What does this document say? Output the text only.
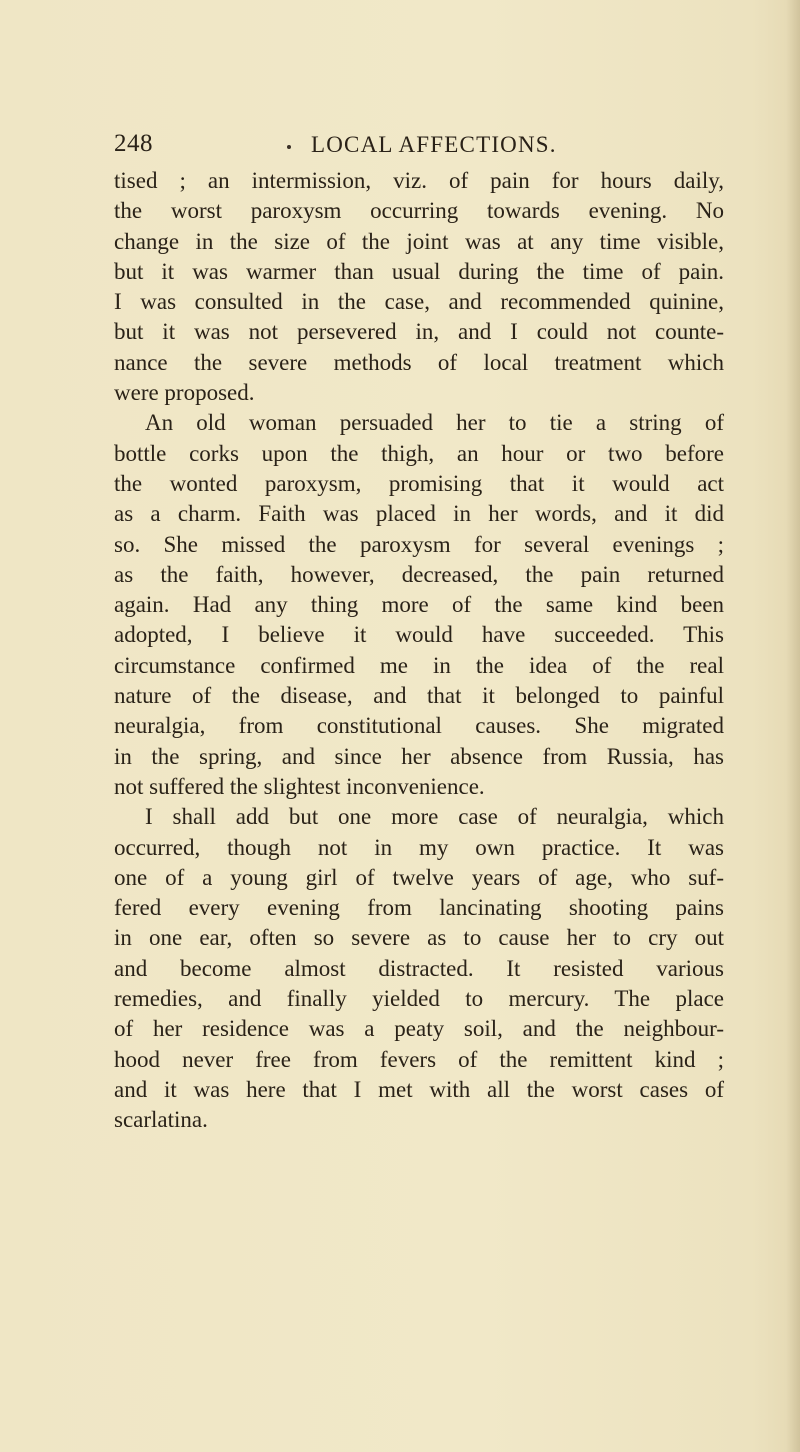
248	LOCAL AFFECTIONS.
tised ; an intermission, viz. of pain for hours daily,
the worst paroxysm occurring towards evening. No
change in the size of the joint was at any time visible,
but it was warmer than usual during the time of pain.
I was consulted in the case, and recommended quinine,
but it was not persevered in, and I could not counte-
nance the severe methods of local treatment which
were proposed.
An old woman persuaded her to tie a string of
bottle corks upon the thigh, an hour or two before
the wonted paroxysm, promising that it would act
as a charm. Faith was placed in her words, and it did
so. She missed the paroxysm for several evenings ;
as the faith, however, decreased, the pain returned
again. Had any thing more of the same kind been
adopted, I believe it would have succeeded. This
circumstance confirmed me in the idea of the real
nature of the disease, and that it belonged to painful
neuralgia, from constitutional causes. She migrated
in the spring, and since her absence from Russia, has
not suffered the slightest inconvenience.
I shall add but one more case of neuralgia, which
occurred, though not in my own practice. It was
one of a young girl of twelve years of age, who suf-
fered every evening from lancinating shooting pains
in one ear, often so severe as to cause her to cry out
and become almost distracted. It resisted various
remedies, and finally yielded to mercury. The place
of her residence was a peaty soil, and the neighbour-
hood never free from fevers of the remittent kind ;
and it was here that I met with all the worst cases of
scarlatina.
